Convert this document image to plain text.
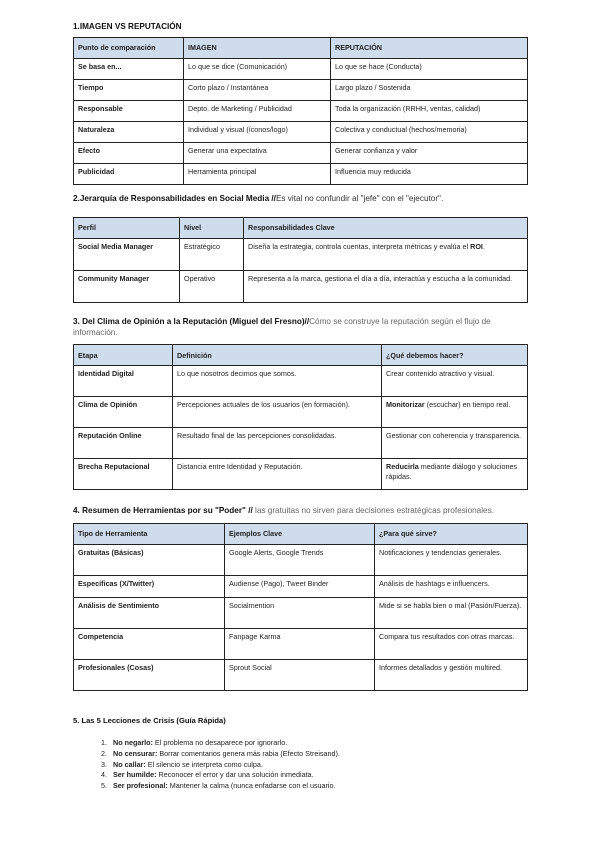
1.IMAGEN VS REPUTACIÓN
Punto de comparación	IMAGEN	REPUTACIÓN
Se basa en...	Lo que se dice (Comunicación)	Lo que se hace (Conducta)
Tiempo	Corto plazo / Instantánea	Largo plazo / Sostenida
Responsable	Depto. de Marketing / Publicidad	Toda la organización (RRHH, ventas, calidad)
Naturaleza	Individual y visual (íconos/logo)	Colectiva y conductual (hechos/memoria)
Efecto	Generar una expectativa	Generar confianza y valor
Publicidad	Herramienta principal	Influencia muy reducida
2.Jerarquía de Responsabilidades en Social Media //Es vital no confundir al "jefe" con el "ejecutor".
Perfil	Nivel	Responsabilidades Clave
Social Media Manager	Estratégico	Diseña la estrategia, controla cuentas, interpreta métricas y evalúa el ROI.
Community Manager	Operativo	Representa a la marca, gestiona el día a día, interactúa y escucha a la comunidad.
3. Del Clima de Opinión a la Reputación (Miguel del Fresno)//Cómo se construye la reputación según el flujo de información.
Etapa	Definición	¿Qué debemos hacer?
Identidad Digital	Lo que nosotros decimos que somos.	Crear contenido atractivo y visual.
Clima de Opinión	Percepciones actuales de los usuarios (en formación).	Monitorizar (escuchar) en tiempo real.
Reputación Online	Resultado final de las percepciones consolidadas.	Gestionar con coherencia y transparencia.
Brecha Reputacional	Distancia entre Identidad y Reputación.	Reducirla mediante diálogo y soluciones rápidas.
4. Resumen de Herramientas por su "Poder" // las gratuitas no sirven para decisiones estratégicas profesionales.
Tipo de Herramienta	Ejemplos Clave	¿Para qué sirve?
Gratuitas (Básicas)	Google Alerts, Google Trends	Notificaciones y tendencias generales.
Específicas (X/Twitter)	Audiense (Pago), Tweet Binder	Análisis de hashtags e influencers.
Análisis de Sentimiento	Socialmention	Mide si se habla bien o mal (Pasión/Fuerza).
Competencia	Fanpage Karma	Compara tus resultados con otras marcas.
Profesionales (Cosas)	Sprout Social	Informes detallados y gestión multired.
5. Las 5 Lecciones de Crisis (Guía Rápida)
1. No negarlo: El problema no desaparece por ignorarlo.
2. No censurar: Borrar comentarios genera más rabia (Efecto Streisand).
3. No callar: El silencio se interpreta como culpa.
4. Ser humilde: Reconocer el error y dar una solución inmediata.
5. Ser profesional: Mantener la calma (nunca enfadarse con el usuario.
